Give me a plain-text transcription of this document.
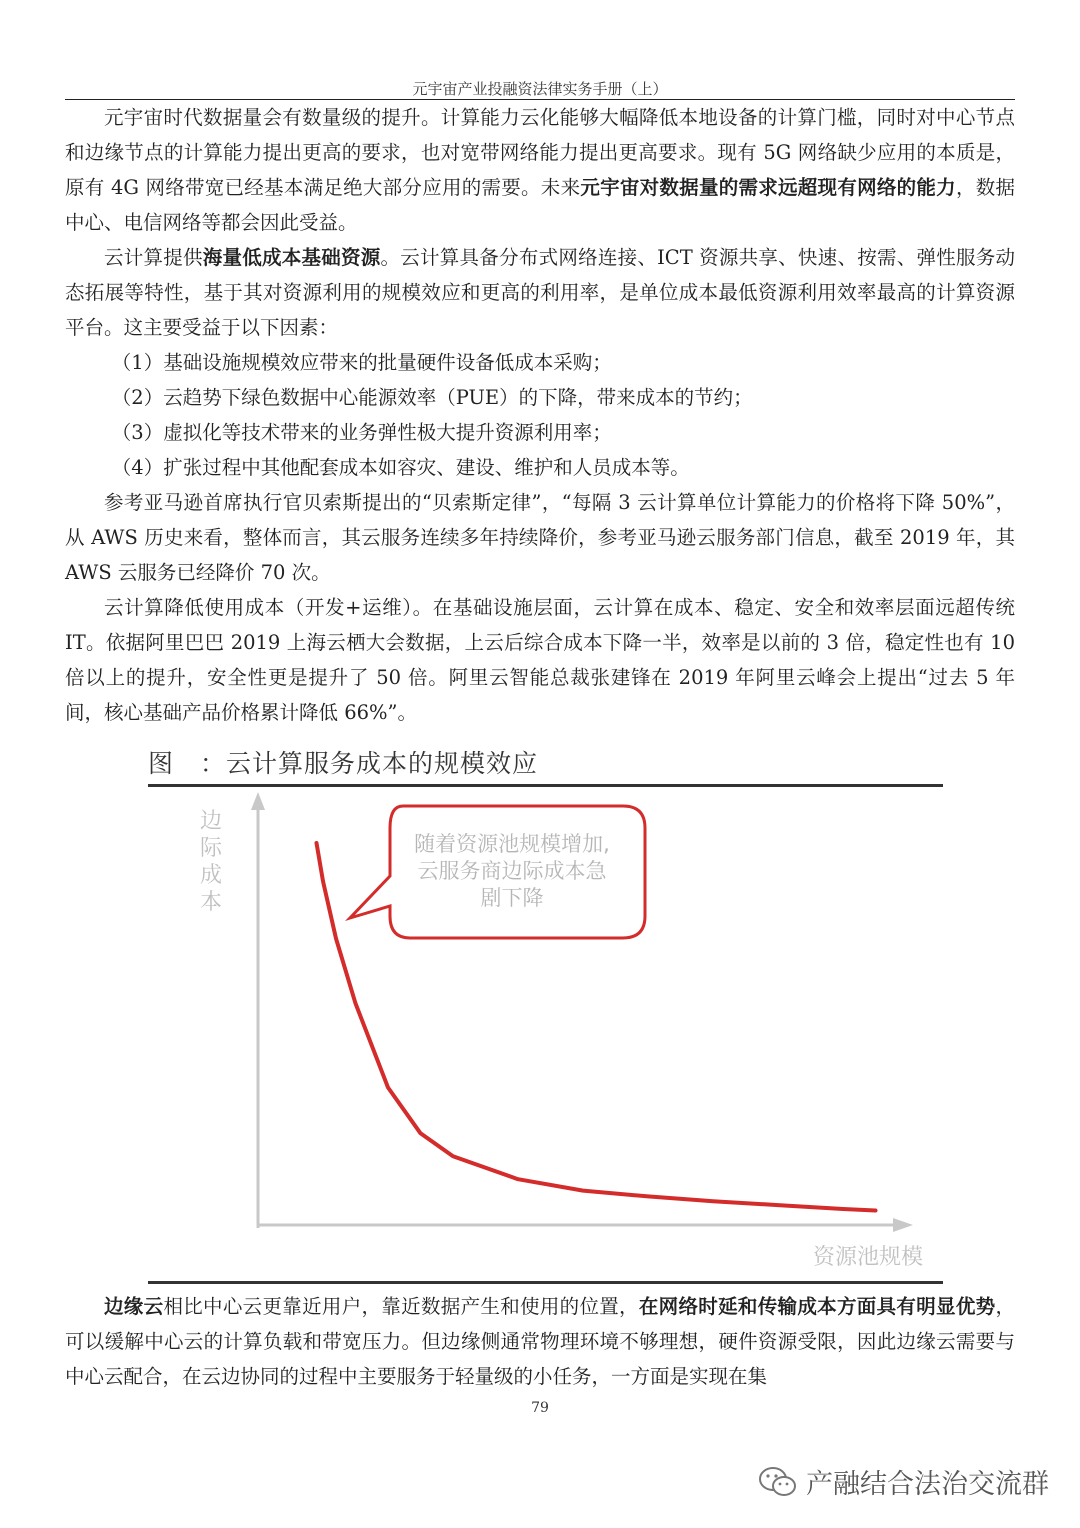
元宇宙产业投融资法律实务手册（上）

元宇宙时代数据量会有数量级的提升。计算能力云化能够大幅降低本地设备的计算门槛，同时对中心节点和边缘节点的计算能力提出更高的要求，也对宽带网络能力提出更高要求。现有 5G 网络缺少应用的本质是，原有 4G 网络带宽已经基本满足绝大部分应用的需要。未来元宇宙对数据量的需求远超现有网络的能力，数据中心、电信网络等都会因此受益。

云计算提供海量低成本基础资源。云计算具备分布式网络连接、ICT 资源共享、快速、按需、弹性服务动态拓展等特性，基于其对资源利用的规模效应和更高的利用率，是单位成本最低资源利用效率最高的计算资源平台。这主要受益于以下因素：

（1）基础设施规模效应带来的批量硬件设备低成本采购；

（2）云趋势下绿色数据中心能源效率（PUE）的下降，带来成本的节约；

（3）虚拟化等技术带来的业务弹性极大提升资源利用率；

（4）扩张过程中其他配套成本如容灾、建设、维护和人员成本等。

参考亚马逊首席执行官贝索斯提出的“贝索斯定律”，“每隔 3 云计算单位计算能力的价格将下降 50%”，从 AWS 历史来看，整体而言，其云服务连续多年持续降价，参考亚马逊云服务部门信息，截至 2019 年，其 AWS 云服务已经降价 70 次。

云计算降低使用成本（开发+运维）。在基础设施层面，云计算在成本、稳定、安全和效率层面远超传统 IT。依据阿里巴巴 2019 上海云栖大会数据，上云后综合成本下降一半，效率是以前的 3 倍，稳定性也有 10 倍以上的提升，安全性更是提升了 50 倍。阿里云智能总裁张建锋在 2019 年阿里云峰会上提出“过去 5 年间，核心基础产品价格累计降低 66%”。

图　：云计算服务成本的规模效应
边
际
成
本
资源池规模
随着资源池规模增加,
云服务商边际成本急
剧下降

边缘云相比中心云更靠近用户，靠近数据产生和使用的位置，在网络时延和传输成本方面具有明显优势，可以缓解中心云的计算负载和带宽压力。但边缘侧通常物理环境不够理想，硬件资源受限，因此边缘云需要与中心云配合，在云边协同的过程中主要服务于轻量级的小任务，一方面是实现在集

79
产融结合法治交流群
